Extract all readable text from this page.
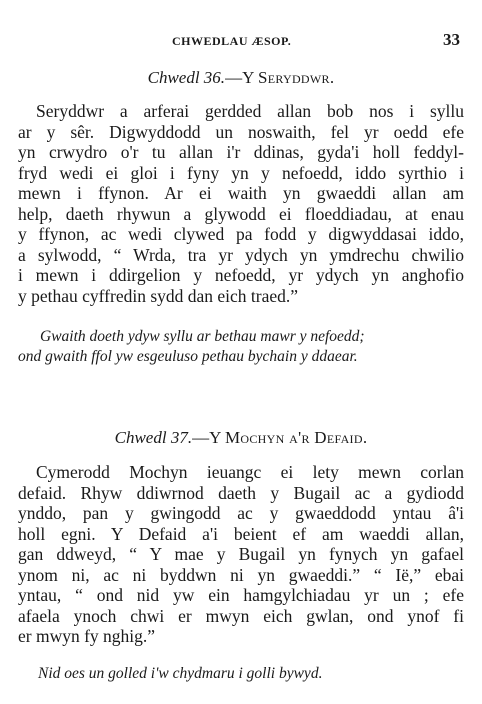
CHWEDLAU ÆSOP.	33
Chwedl 36.—Y Seryddwr.
Seryddwr a arferai gerdded allan bob nos i syllu
ar y sêr. Digwyddodd un noswaith, fel yr oedd efe
yn crwydro o'r tu allan i'r ddinas, gyda'i holl feddyl-
fryd wedi ei gloi i fyny yn y nefoedd, iddo syrthio i
mewn i ffynon. Ar ei waith yn gwaeddi allan am
help, daeth rhywun a glywodd ei floeddiadau, at enau
y ffynon, ac wedi clywed pa fodd y digwyddasai iddo,
a sylwodd, “ Wrda, tra yr ydych yn ymdrechu chwilio
i mewn i ddirgelion y nefoedd, yr ydych yn anghofio
y pethau cyffredin sydd dan eich traed.”
Gwaith doeth ydyw syllu ar bethau mawr y nefoedd;
ond gwaith ffol yw esgeuluso pethau bychain y ddaear.
Chwedl 37.—Y Mochyn a'r Defaid.
Cymerodd Mochyn ieuangc ei lety mewn corlan
defaid. Rhyw ddiwrnod daeth y Bugail ac a gydiodd
ynddo, pan y gwingodd ac y gwaeddodd yntau â'i
holl egni. Y Defaid a'i beient ef am waeddi allan,
gan ddweyd, “ Y mae y Bugail yn fynych yn gafael
ynom ni, ac ni byddwn ni yn gwaeddi.” “ Ië,” ebai
yntau, “ ond nid yw ein hamgylchiadau yr un ; efe
afaela ynoch chwi er mwyn eich gwlan, ond ynof fi
er mwyn fy nghig.”
Nid oes un golled i'w chydmaru i golli bywyd.
